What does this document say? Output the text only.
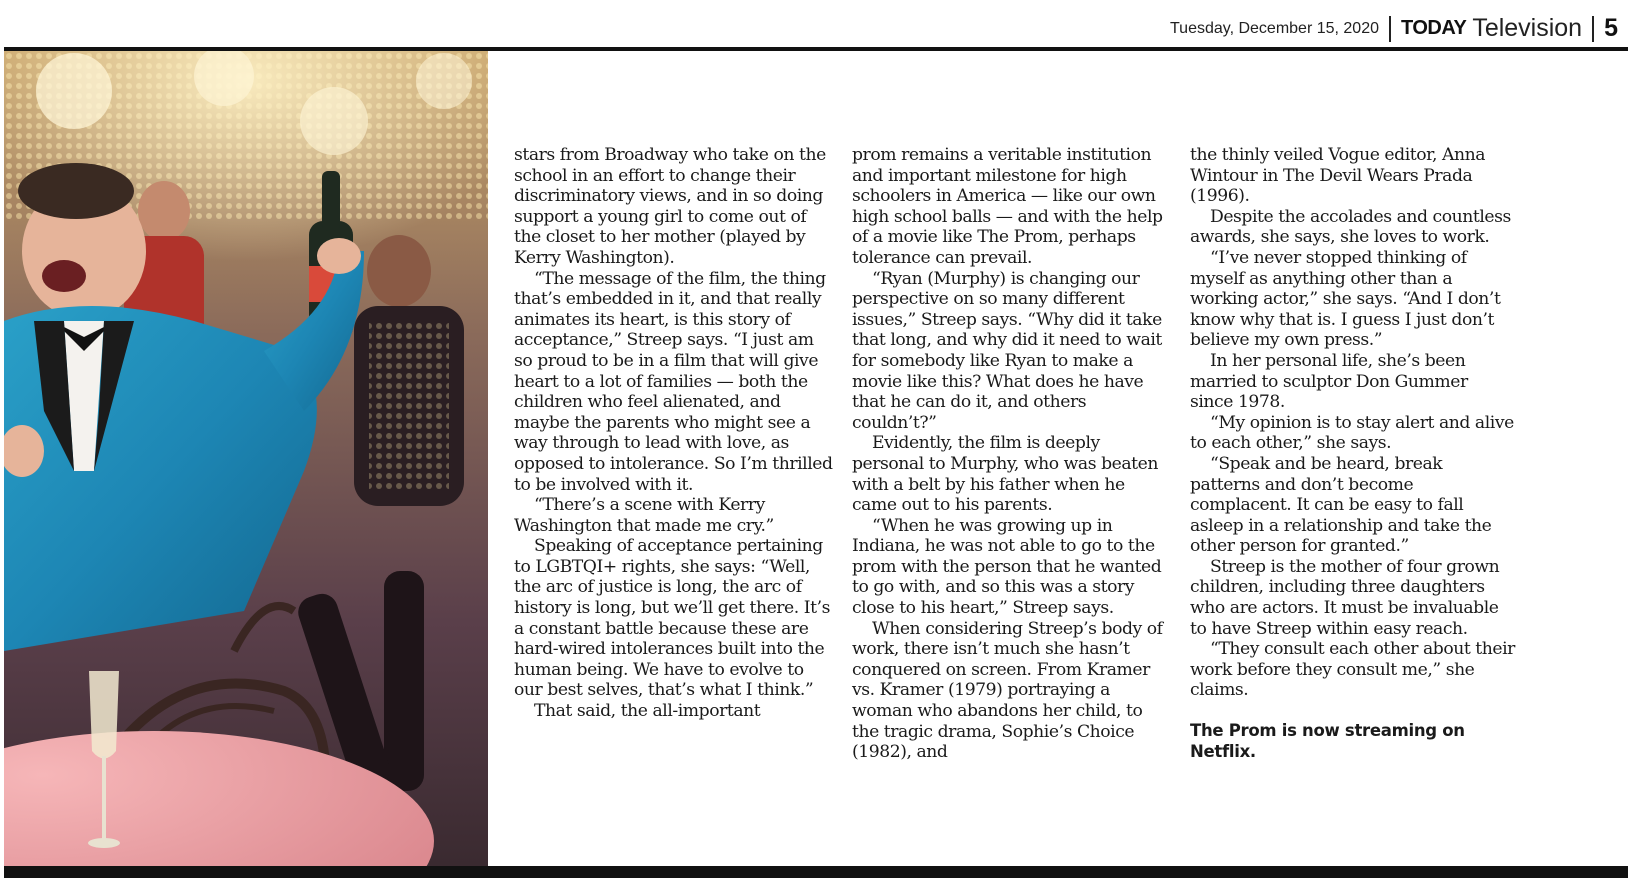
Tuesday, December 15, 2020 TODAY Television 5

stars from Broadway who take on the school in an effort to change their discriminatory views, and in so doing support a young girl to come out of the closet to her mother (played by Kerry Washington).

“The message of the film, the thing that’s embedded in it, and that really animates its heart, is this story of acceptance,” Streep says. “I just am so proud to be in a film that will give heart to a lot of families — both the children who feel alienated, and maybe the parents who might see a way through to lead with love, as opposed to intolerance. So I’m thrilled to be involved with it.

“There’s a scene with Kerry Washington that made me cry.”

Speaking of acceptance pertaining to LGBTQI+ rights, she says: “Well, the arc of justice is long, the arc of history is long, but we’ll get there. It’s a constant battle because these are hard-wired intolerances built into the human being. We have to evolve to our best selves, that’s what I think.”

That said, the all-important

prom remains a veritable institution and important milestone for high schoolers in America — like our own high school balls — and with the help of a movie like The Prom, perhaps tolerance can prevail.

“Ryan (Murphy) is changing our perspective on so many different issues,” Streep says. “Why did it take that long, and why did it need to wait for somebody like Ryan to make a movie like this? What does he have that he can do it, and others couldn’t?”

Evidently, the film is deeply personal to Murphy, who was beaten with a belt by his father when he came out to his parents.

“When he was growing up in Indiana, he was not able to go to the prom with the person that he wanted to go with, and so this was a story close to his heart,” Streep says.

When considering Streep’s body of work, there isn’t much she hasn’t conquered on screen. From Kramer vs. Kramer (1979) portraying a woman who abandons her child, to the tragic drama, Sophie’s Choice (1982), and

the thinly veiled Vogue editor, Anna Wintour in The Devil Wears Prada (1996).

Despite the accolades and countless awards, she says, she loves to work.

“I’ve never stopped thinking of myself as anything other than a working actor,” she says. “And I don’t know why that is. I guess I just don’t believe my own press.”

In her personal life, she’s been married to sculptor Don Gummer since 1978.

“My opinion is to stay alert and alive to each other,” she says.

“Speak and be heard, break patterns and don’t become complacent. It can be easy to fall asleep in a relationship and take the other person for granted.”

Streep is the mother of four grown children, including three daughters who are actors. It must be invaluable to have Streep within easy reach.

“They consult each other about their work before they consult me,” she claims.

The Prom is now streaming on Netflix.
